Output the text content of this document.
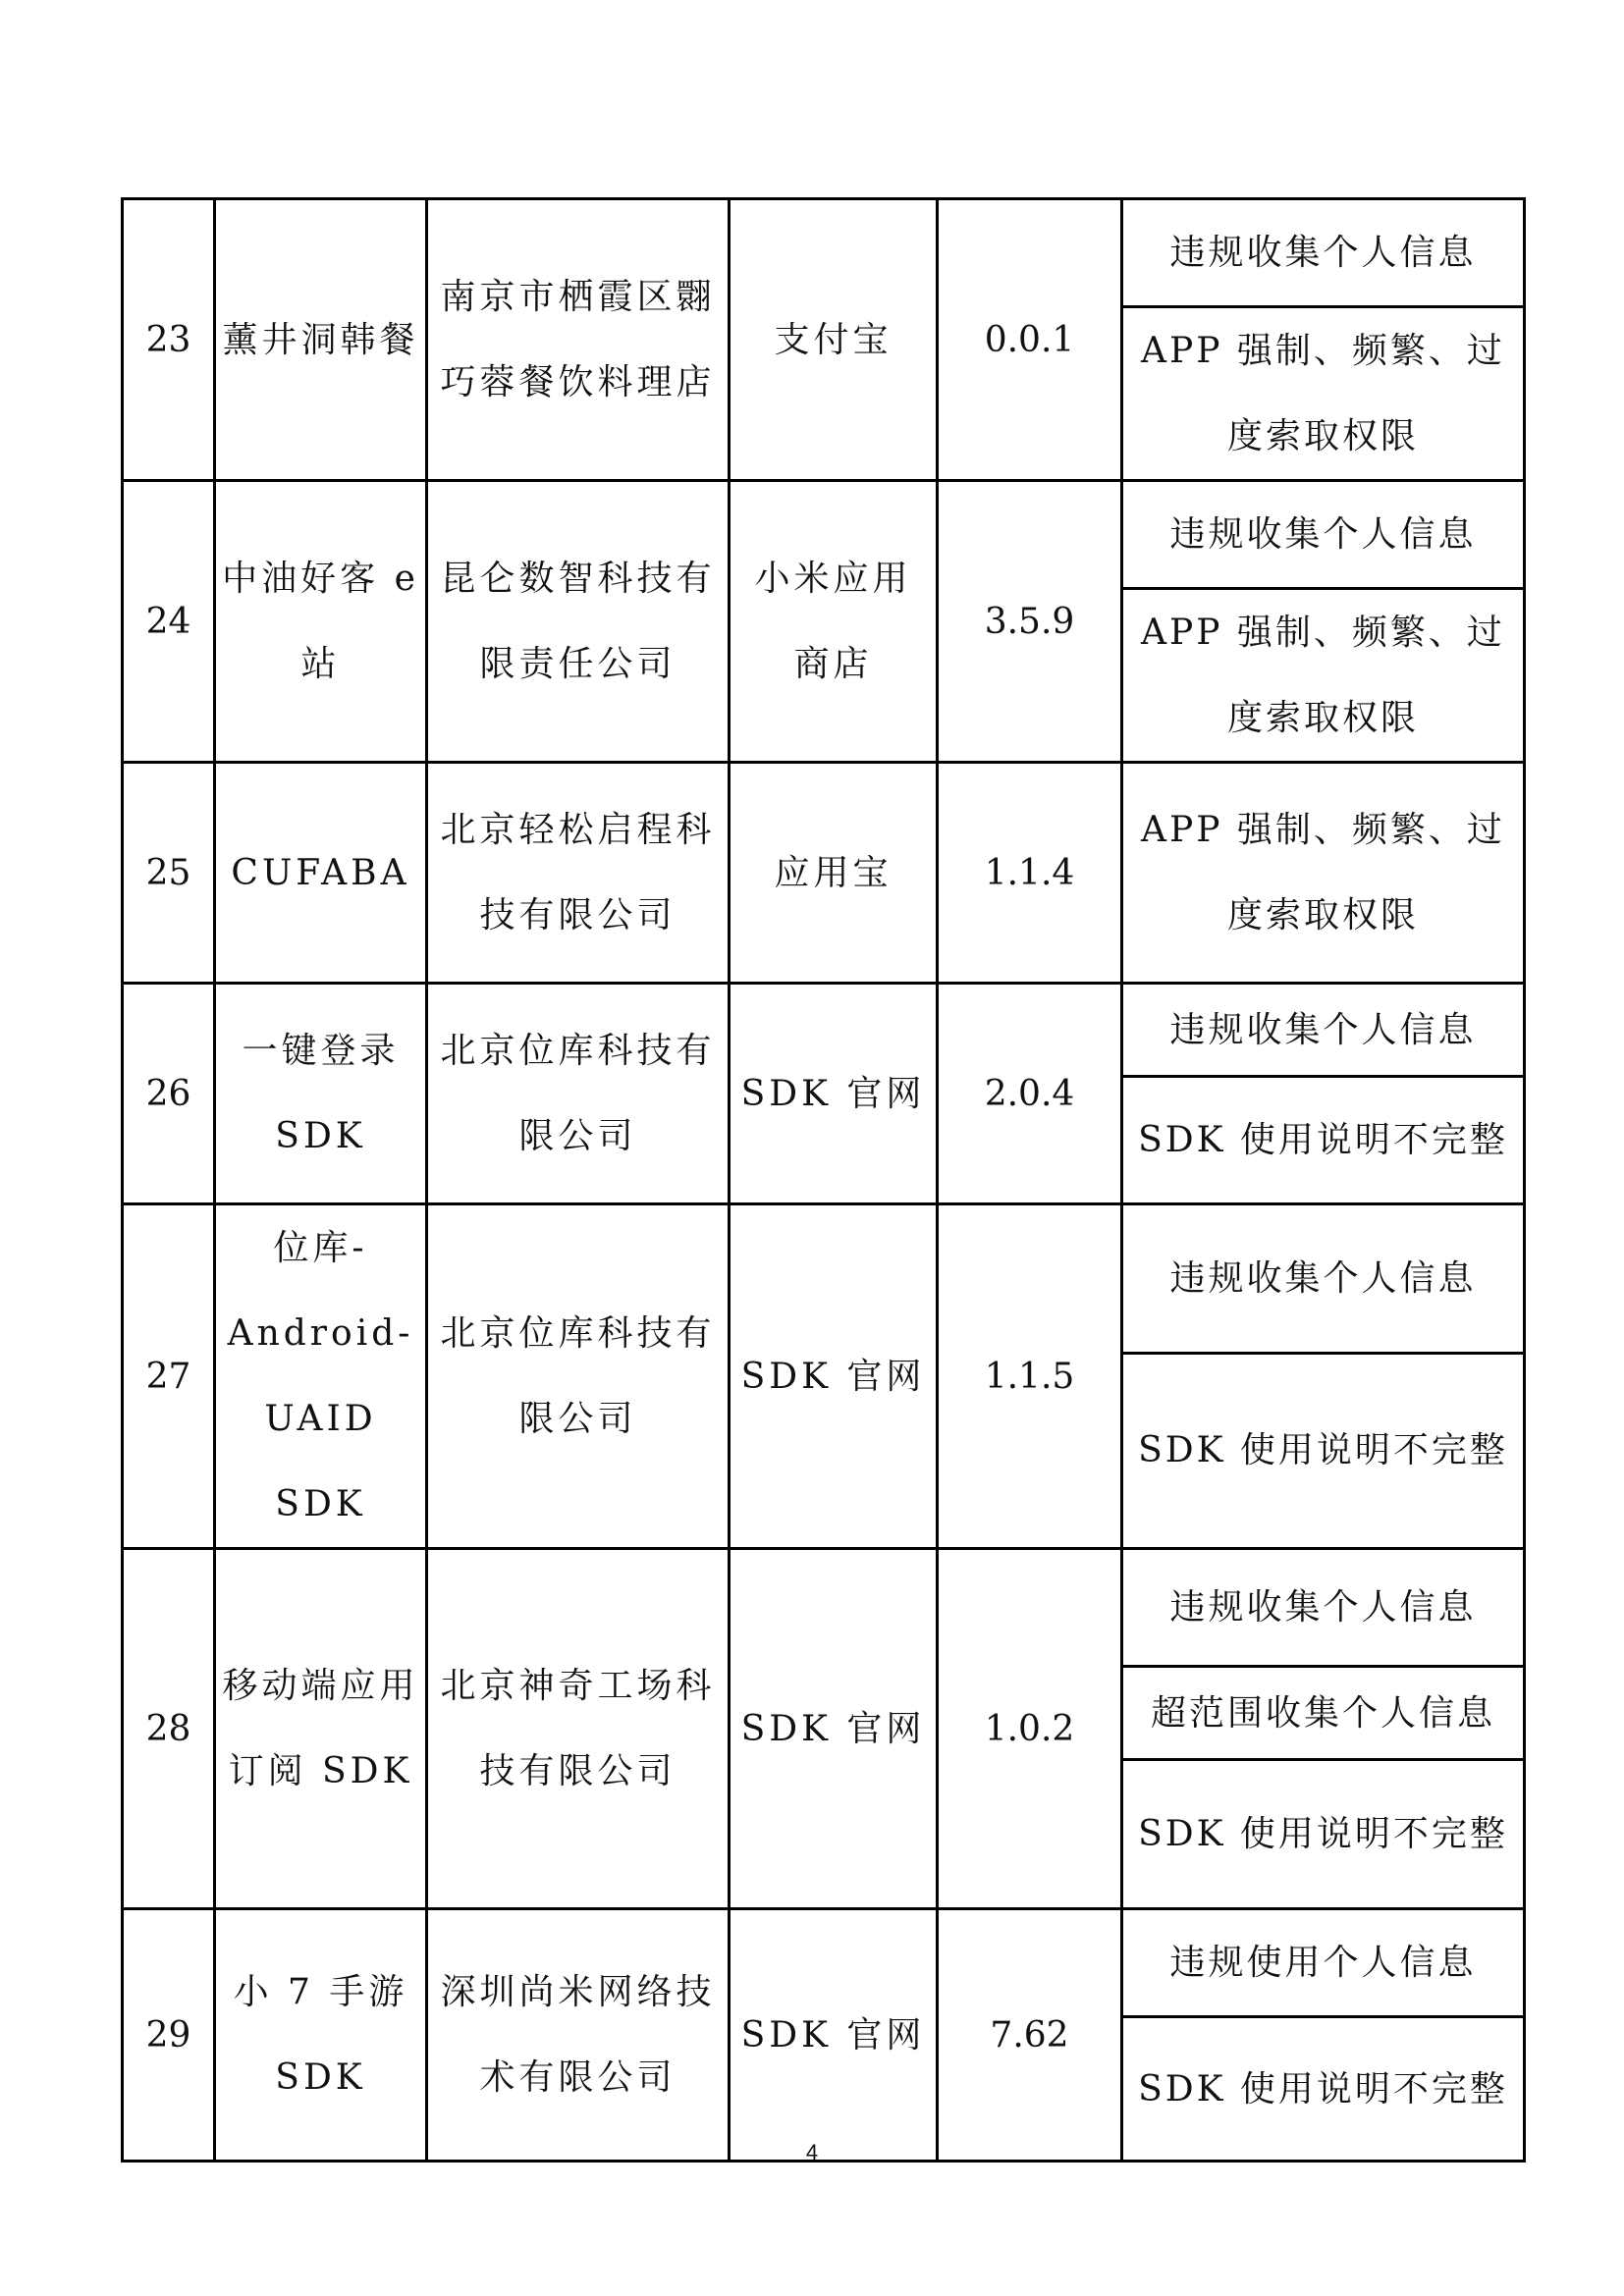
23	薰井洞韩餐	南京市栖霞区翾巧蓉餐饮料理店	支付宝	0.0.1	违规收集个人信息
					APP 强制、频繁、过度索取权限
24	中油好客 e 站	昆仑数智科技有限责任公司	小米应用商店	3.5.9	违规收集个人信息
					APP 强制、频繁、过度索取权限
25	CUFABA	北京轻松启程科技有限公司	应用宝	1.1.4	APP 强制、频繁、过度索取权限
26	一键登录 SDK	北京位库科技有限公司	SDK 官网	2.0.4	违规收集个人信息
					SDK 使用说明不完整
27	位库-Android-UAID SDK	北京位库科技有限公司	SDK 官网	1.1.5	违规收集个人信息
					SDK 使用说明不完整
28	移动端应用订阅 SDK	北京神奇工场科技有限公司	SDK 官网	1.0.2	违规收集个人信息
					超范围收集个人信息
					SDK 使用说明不完整
29	小 7 手游 SDK	深圳尚米网络技术有限公司	SDK 官网	7.62	违规使用个人信息
					SDK 使用说明不完整
4
